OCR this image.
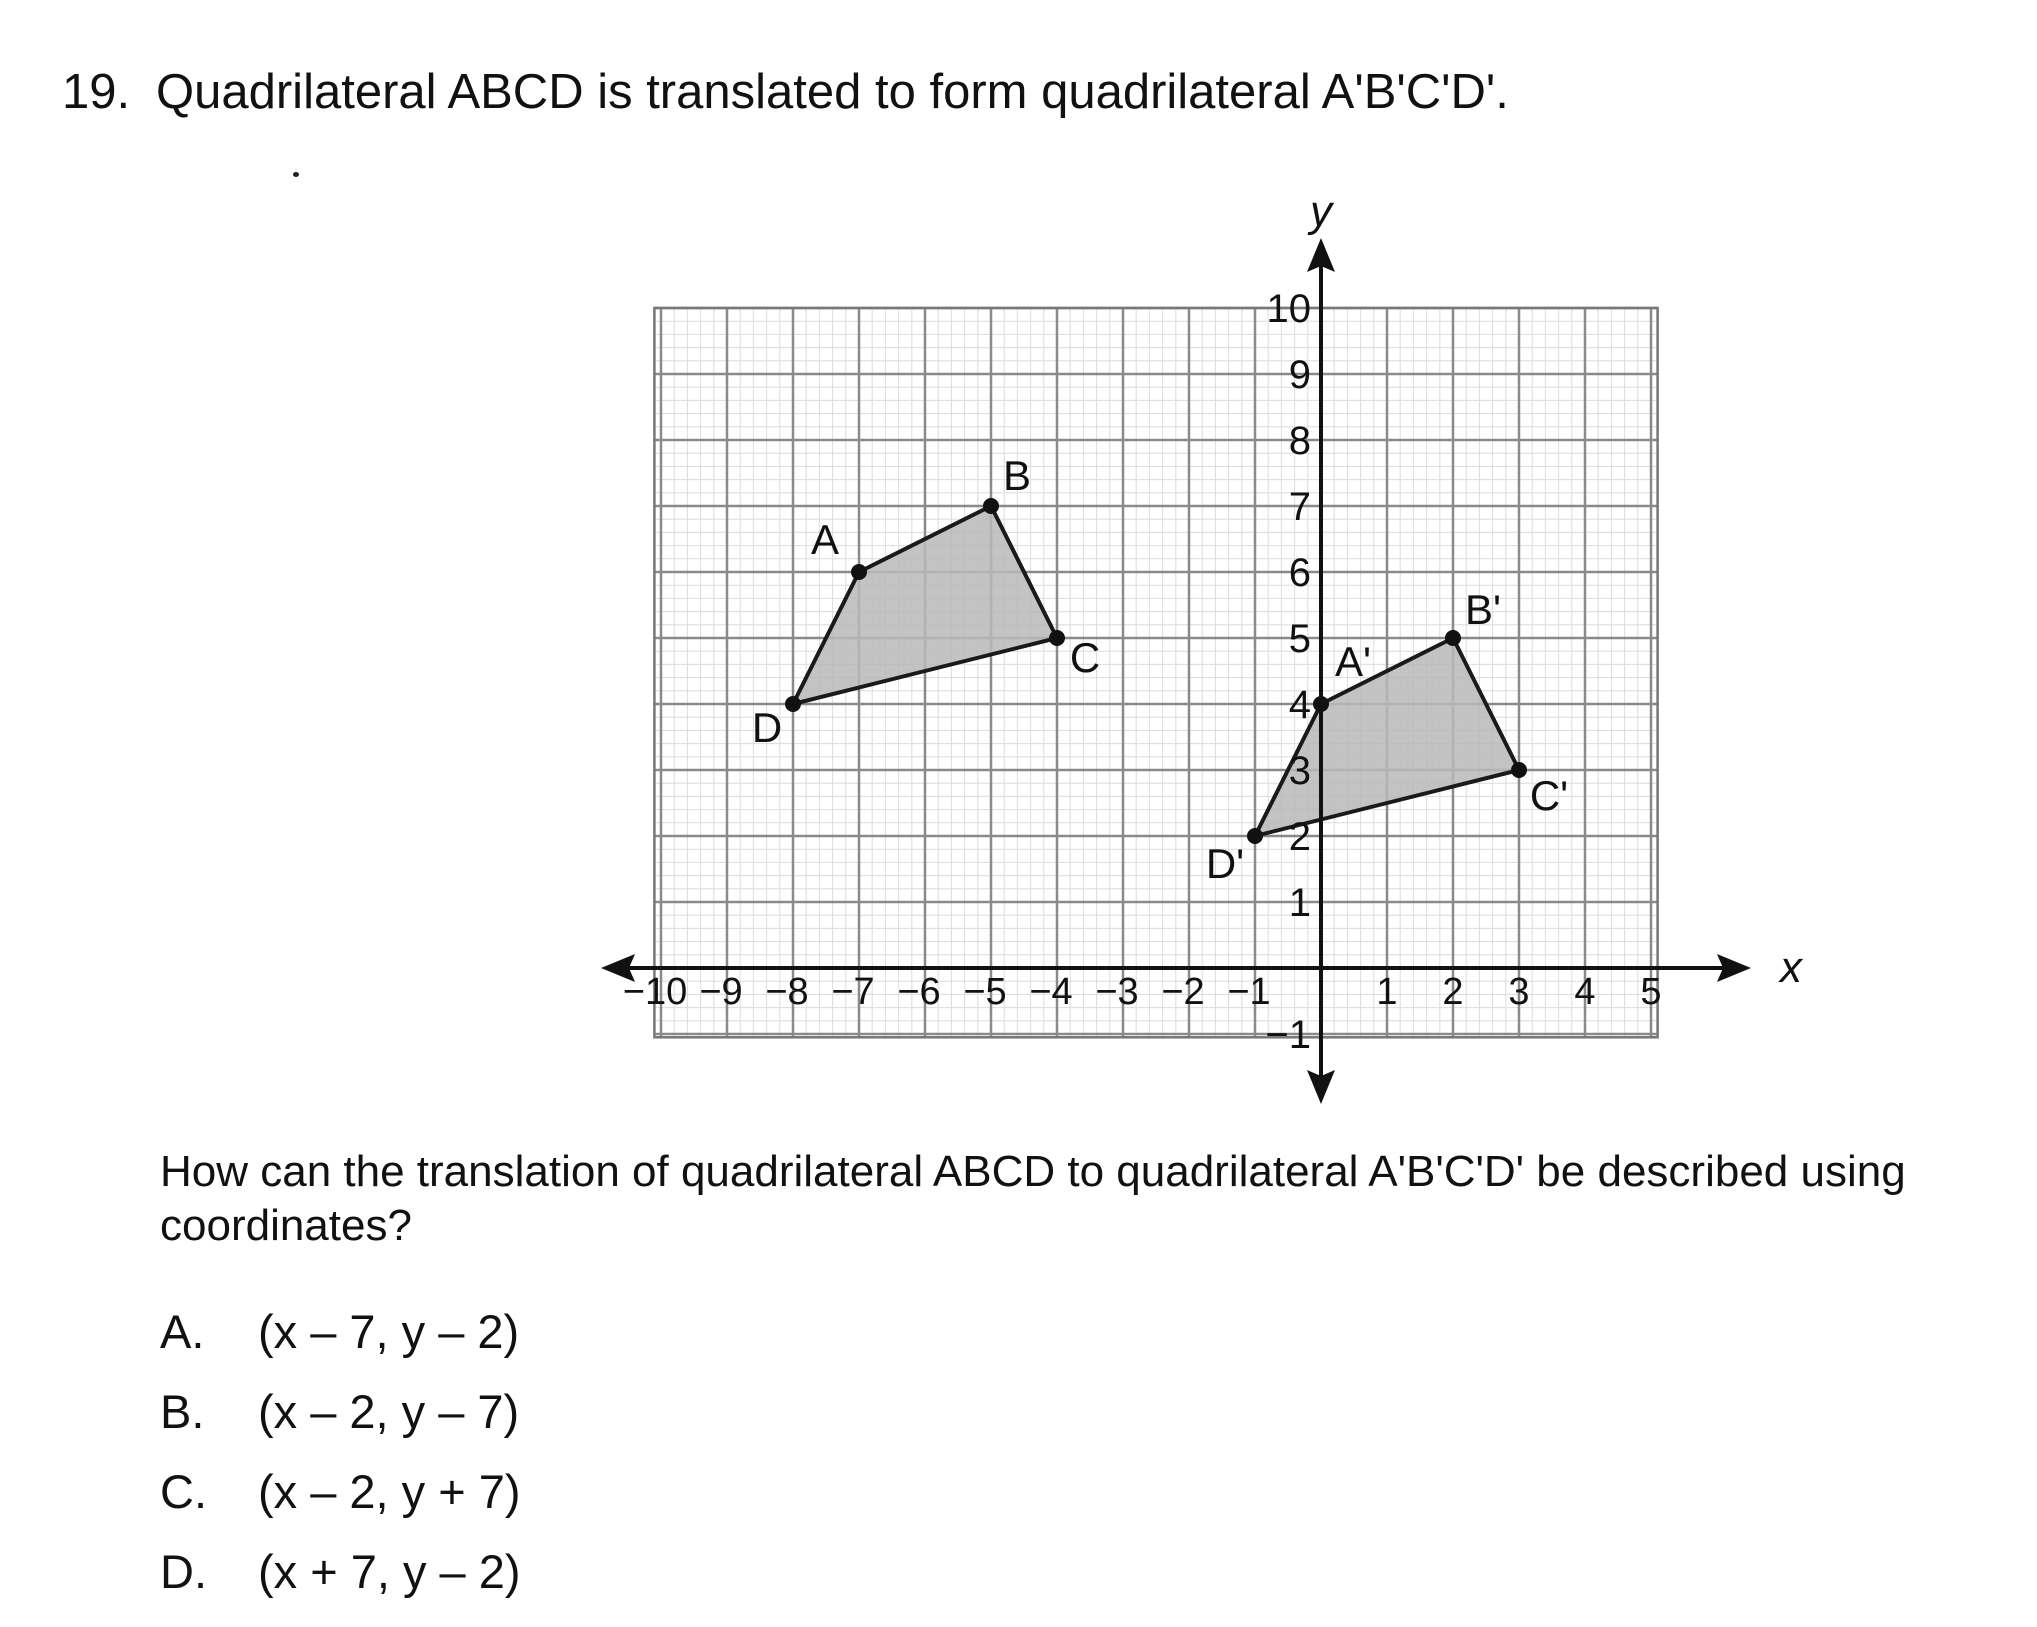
19. Quadrilateral ABCD is translated to form quadrilateral A'B'C'D'.
A
B
C
D
A'
B'
C'
D'
x
y
−10 −9 −8 −7 −6 −5 −4 −3 −2 −1	1 2 3 4 5
10
9
8
7
6
5
4
3
2
1
−1
How can the translation of quadrilateral ABCD to quadrilateral A'B'C'D' be described using coordinates?
A. (x – 7, y – 2)
B. (x – 2, y – 7)
C. (x – 2, y + 7)
D. (x + 7, y – 2)
